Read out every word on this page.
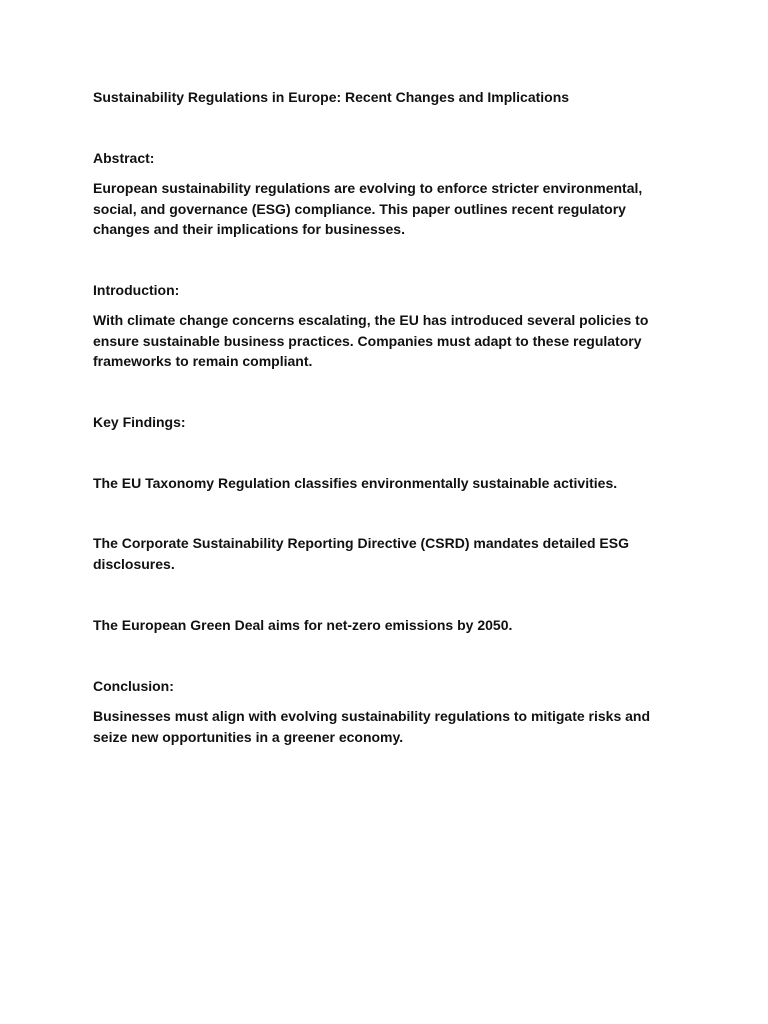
Sustainability Regulations in Europe: Recent Changes and Implications

Abstract:

European sustainability regulations are evolving to enforce stricter environmental, social, and governance (ESG) compliance. This paper outlines recent regulatory changes and their implications for businesses.

Introduction:

With climate change concerns escalating, the EU has introduced several policies to ensure sustainable business practices. Companies must adapt to these regulatory frameworks to remain compliant.

Key Findings:

The EU Taxonomy Regulation classifies environmentally sustainable activities.

The Corporate Sustainability Reporting Directive (CSRD) mandates detailed ESG disclosures.

The European Green Deal aims for net-zero emissions by 2050.

Conclusion:

Businesses must align with evolving sustainability regulations to mitigate risks and seize new opportunities in a greener economy.
